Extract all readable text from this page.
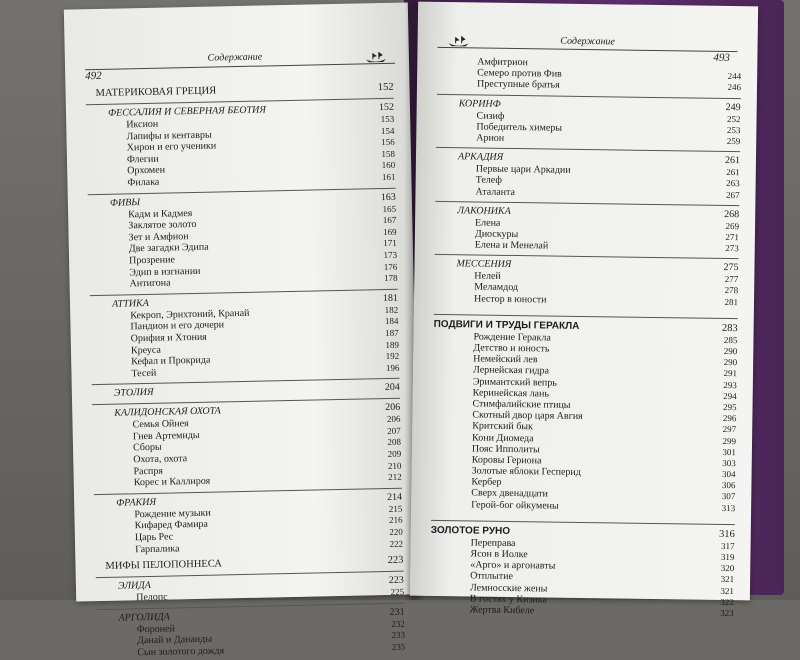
Содержание
492
МАТЕРИКОВАЯ ГРЕЦИЯ	152
ФЕССАЛИЯ И СЕВЕРНАЯ БЕОТИЯ	152
Иксион	153
Лапифы и кентавры	154
Хирон и его ученики	156
Флегии	158
Орхомен	160
Филака	161
ФИВЫ	163
Кадм и Кадмея	165
Заклятое золото	167
Зет и Амфион	169
Две загадки Эдипа	171
Прозрение	173
Эдип в изгнании	176
Антигона	178
АТТИКА	181
Кекроп, Эрихтоний, Кранай	182
Пандион и его дочери	184
Орифия и Хтония	187
Креуса	189
Кефал и Прокрида	192
Тесей	196
ЭТОЛИЯ	204
КАЛИДОНСКАЯ ОХОТА	206
Семья Ойнея	206
Гнев Артемиды	207
Сборы	208
Охота, охота	209
Распря	210
Корес и Каллироя	212
ФРАКИЯ	214
Рождение музыки	215
Кифаред Фамира	216
Царь Рес	220
Гарпалика	222
МИФЫ ПЕЛОПОННЕСА	223
ЭЛИДА	223
Пелопс	225
АРГОЛИДА	231
Фороней	232
Данай и Данаиды	233
Сын золотого дождя	235
Содержание
493
Амфитрион
Семеро против Фив	244
Преступные братья	246
КОРИНФ	249
Сизиф	252
Победитель химеры	253
Арион	259
АРКАДИЯ	261
Первые цари Аркадии	261
Телеф	263
Аталанта	267
ЛАКОНИКА	268
Елена	269
Диоскуры	271
Елена и Менелай	273
МЕССЕНИЯ	275
Нелей	277
Меламдод	278
Нестор в юности	281
ПОДВИГИ И ТРУДЫ ГЕРАКЛА	283
Рождение Геракла	285
Детство и юность	290
Немейский лев	290
Лернейская гидра	291
Эримантский вепрь	293
Керинейская лань	294
Стимфалийские птицы	295
Скотный двор царя Авгия	296
Критский бык	297
Кони Диомеда	299
Пояс Ипполиты	301
Коровы Гериона	303
Золотые яблоки Гесперид	304
Кербер	306
Сверх двенадцати	307
Герой-бог ойкумены	313
ЗОЛОТОЕ РУНО	316
Переправа	317
Ясон в Иолке	319
«Арго» и аргонавты	320
Отплытие	321
Лемносские жены	321
В гостях у Кизика	322
Жертва Кибеле	323
